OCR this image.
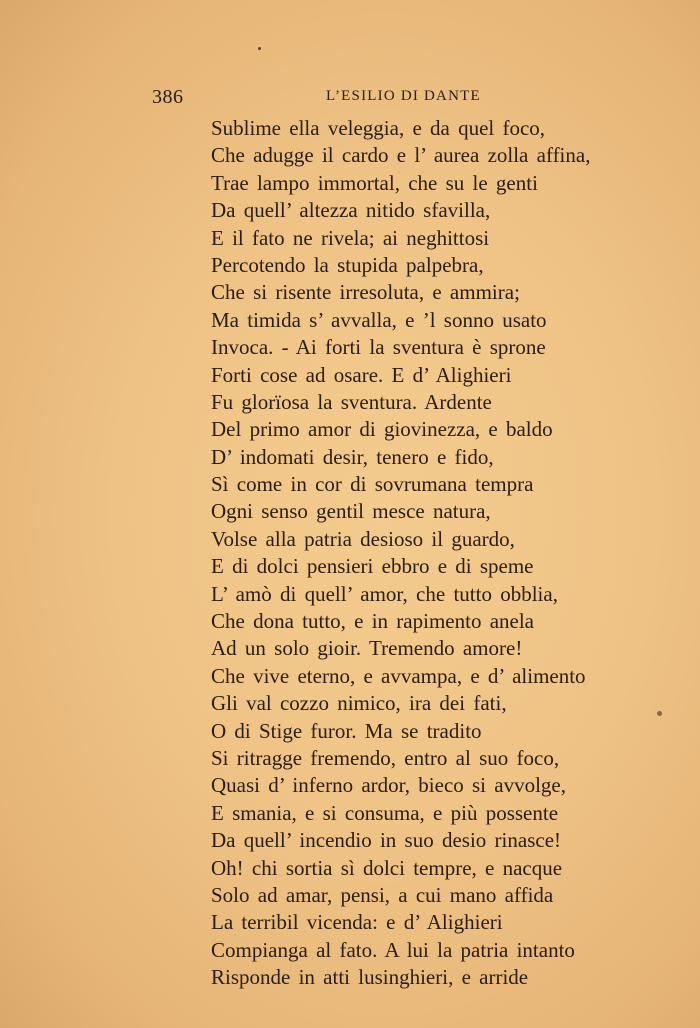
386	L’ESILIO DI DANTE
Sublime ella veleggia, e da quel foco,
Che adugge il cardo e l’ aurea zolla affina,
Trae lampo immortal, che su le genti
Da quell’ altezza nitido sfavilla,
E il fato ne rivela; ai neghittosi
Percotendo la stupida palpebra,
Che si risente irresoluta, e ammira;
Ma timida s’ avvalla, e ’l sonno usato
Invoca. - Ai forti la sventura è sprone
Forti cose ad osare. E d’ Alighieri
Fu glorïosa la sventura. Ardente
Del primo amor di giovinezza, e baldo
D’ indomati desir, tenero e fido,
Sì come in cor di sovrumana tempra
Ogni senso gentil mesce natura,
Volse alla patria desioso il guardo,
E di dolci pensieri ebbro e di speme
L’ amò di quell’ amor, che tutto obblia,
Che dona tutto, e in rapimento anela
Ad un solo gioir. Tremendo amore!
Che vive eterno, e avvampa, e d’ alimento
Gli val cozzo nimico, ira dei fati,
O di Stige furor. Ma se tradito
Si ritragge fremendo, entro al suo foco,
Quasi d’ inferno ardor, bieco si avvolge,
E smania, e si consuma, e più possente
Da quell’ incendio in suo desio rinasce!
Oh! chi sortia sì dolci tempre, e nacque
Solo ad amar, pensi, a cui mano affida
La terribil vicenda: e d’ Alighieri
Compianga al fato. A lui la patria intanto
Risponde in atti lusinghieri, e arride
